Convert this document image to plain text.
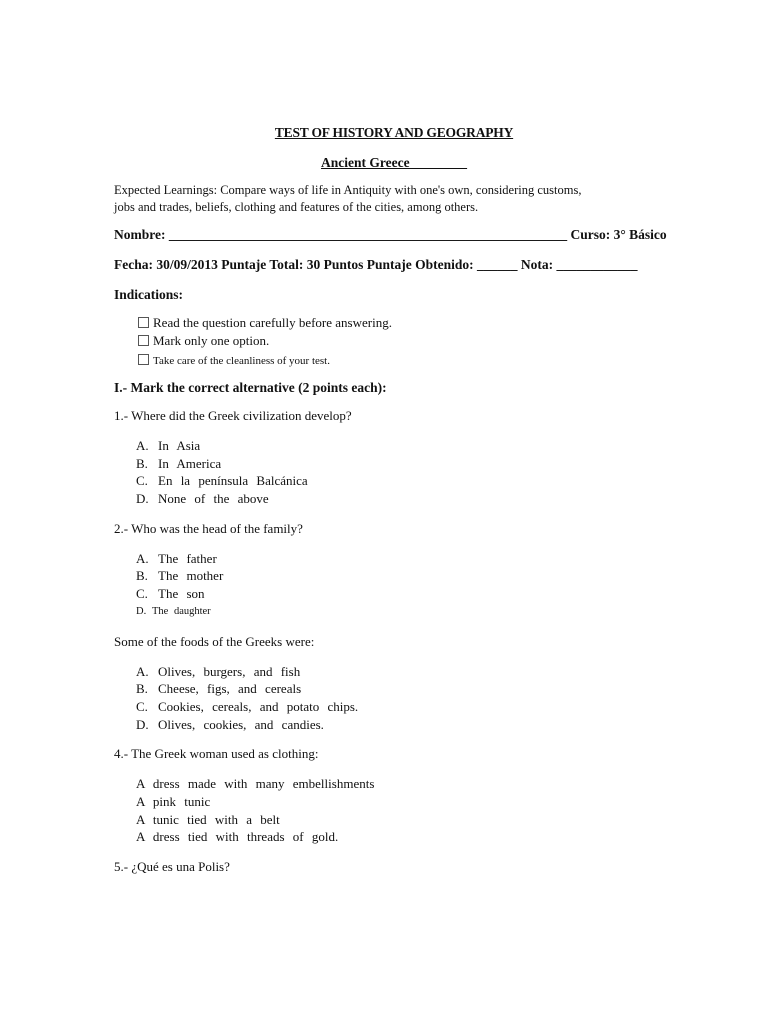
TEST OF HISTORY AND GEOGRAPHY
Ancient Greece ________
Expected Learnings: Compare ways of life in Antiquity with one's own, considering customs,
jobs and trades, beliefs, clothing and features of the cities, among others.
Nombre: ___________________________________________________________ Curso: 3° Básico
Fecha: 30/09/2013 Puntaje Total: 30 Puntos Puntaje Obtenido: ______ Nota: ____________
Indications:
Read the question carefully before answering.
Mark only one option.
Take care of the cleanliness of your test.
I.- Mark the correct alternative (2 points each):
1.- Where did the Greek civilization develop?
A. In Asia
B. In America
C. En la península Balcánica
D. None of the above
2.- Who was the head of the family?
A. The father
B. The mother
C. The son
D. The daughter
Some of the foods of the Greeks were:
A. Olives, burgers, and fish
B. Cheese, figs, and cereals
C. Cookies, cereals, and potato chips.
D. Olives, cookies, and candies.
4.- The Greek woman used as clothing:
A dress made with many embellishments
A pink tunic
A tunic tied with a belt
A dress tied with threads of gold.
5.- ¿Qué es una Polis?
